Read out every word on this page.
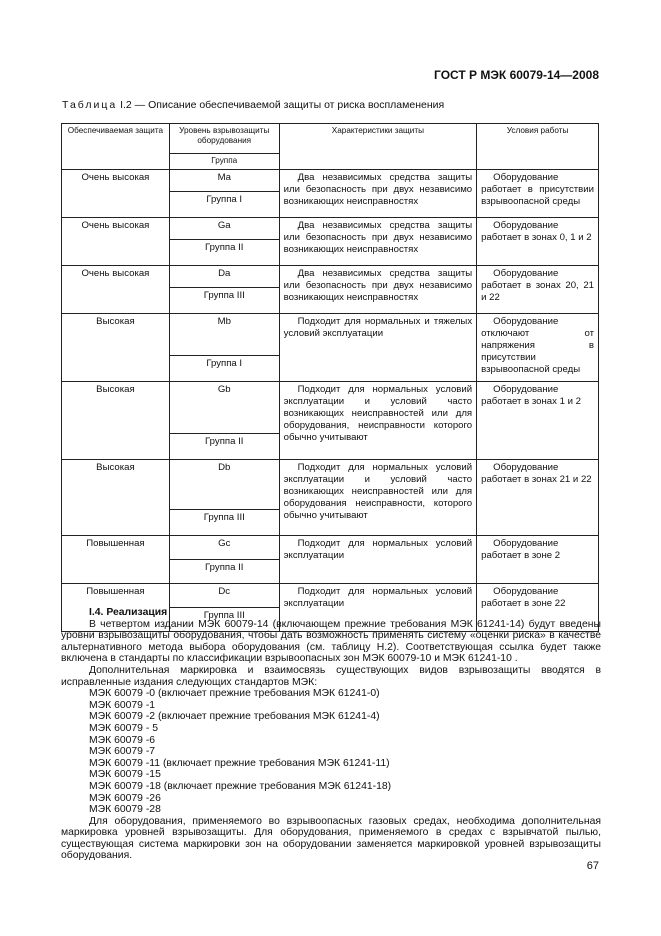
ГОСТ Р МЭК 60079-14—2008
Таблица I.2 — Описание обеспечиваемой защиты от риска воспламенения
Обеспечиваемая защита	Уровень взрывозащиты оборудования	Характеристики защиты	Условия работы
	Группа		
Очень высокая	Ma	Два независимых средства защиты или безопасность при двух независимо возникающих неисправностях	Оборудование работает в присутствии взрывоопасной среды
	Группа I		
Очень высокая	Ga	Два независимых средства защиты или безопасность при двух независимо возникающих неисправностях	Оборудование работает в зонах 0, 1 и 2
	Группа II		
Очень высокая	Da	Два независимых средства защиты или безопасность при двух независимо возникающих неисправностях	Оборудование работает в зонах 20, 21 и 22
	Группа III		
Высокая	Mb	Подходит для нормальных и тяжелых условий эксплуатации	Оборудование отключают от напряжения в присутствии взрывоопасной среды
	Группа I		
Высокая	Gb	Подходит для нормальных условий эксплуатации и условий часто возникающих неисправностей или для оборудования, неисправности которого обычно учитывают	Оборудование работает в зонах 1 и 2
	Группа II		
Высокая	Db	Подходит для нормальных условий эксплуатации и условий часто возникающих неисправностей или для оборудования неисправности, которого обычно учитывают	Оборудование работает в зонах 21 и 22
	Группа III		
Повышенная	Gc	Подходит для нормальных условий эксплуатации	Оборудование работает в зоне 2
	Группа II		
Повышенная	Dc	Подходит для нормальных условий эксплуатации	Оборудование работает в зоне 22
	Группа III		
I.4. Реализация

В четвертом издании МЭК 60079-14 (включающем прежние требования МЭК 61241-14) будут введены уровни взрывозащиты оборудования, чтобы дать возможность применять систему «оценки риска» в качестве альтернативного метода выбора оборудования (см. таблицу Н.2). Соответствующая ссылка будет также включена в стандарты по классификации взрывоопасных зон МЭК 60079-10 и МЭК 61241-10 .

Дополнительная маркировка и взаимосвязь существующих видов взрывозащиты вводятся в исправленные издания следующих стандартов МЭК:

МЭК 60079 -0 (включает прежние требования МЭК 61241-0)

МЭК 60079 -1

МЭК 60079 -2 (включает прежние требования МЭК 61241-4)

МЭК 60079 - 5

МЭК 60079 -6

МЭК 60079 -7

МЭК 60079 -11 (включает прежние требования МЭК 61241-11)

МЭК 60079 -15

МЭК 60079 -18 (включает прежние требования МЭК 61241-18)

МЭК 60079 -26

МЭК 60079 -28

Для оборудования, применяемого во взрывоопасных газовых средах, необходима дополнительная маркировка уровней взрывозащиты. Для оборудования, применяемого в средах с взрывчатой пылью, существующая система маркировки зон на оборудовании заменяется маркировкой уровней взрывозащиты оборудования.

67
